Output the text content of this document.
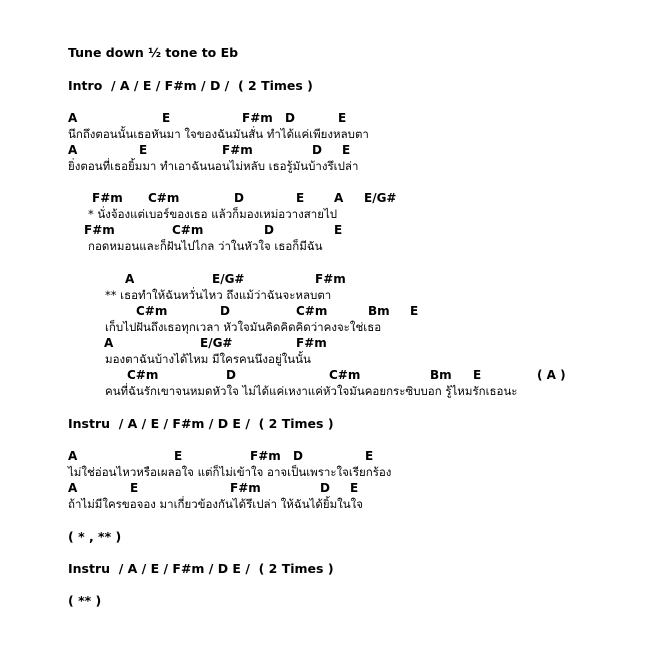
Tune down ½ tone to Eb
Intro  / A / E / F#m / D /  ( 2 Times )

A

	E

	F#m

D

	E

นึกถึงตอนนั้นเธอหันมา ใจของฉันมันสั่น ทำได้แค่เพียงหลบตา

A

	E

	F#m

	D

E

ยิ่งตอนที่เธอยิ้มมา ทำเอาฉันนอนไม่หลับ เธอรู้มันบ้างรึเปล่า

F#m

C#m

	D

	E

A

E/G#

* นั่งจ้องแต่เบอร์ของเธอ แล้วก็มองเหม่อวางสายไป

F#m

	C#m

	D

	E

กอดหมอนและก็ฝันไปไกล ว่าในหัวใจ เธอก็มีฉัน

A

	E/G#

	F#m

** เธอทำให้ฉันหวั่นไหว ถึงแม้ว่าฉันจะหลบตา

C#m

	D

	C#m

	Bm

E

เก็บไปฝันถึงเธอทุกเวลา หัวใจมันคิดคิดคิดว่าคงจะใช่เธอ

A

	E/G#

	F#m

มองตาฉันบ้างได้ไหม มีใครคนนึงอยู่ในนั้น

C#m

	D

	C#m

	Bm

E

	( A )

คนที่ฉันรักเขาจนหมดหัวใจ ไม่ได้แค่เหงาแค่หัวใจมันคอยกระซิบบอก รู้ไหมรักเธอนะ
Instru  / A / E / F#m / D E /  ( 2 Times )

A

	E

	F#m

D

	E

ไม่ใช่อ่อนไหวหรือเผลอใจ แต่ก็ไม่เข้าใจ อาจเป็นเพราะใจเรียกร้อง

A

	E

	F#m

	D

E

ถ้าไม่มีใครขอจอง มาเกี่ยวข้องกันได้รึเปล่า ให้ฉันได้ยิ้มในใจ
( * , ** )
Instru  / A / E / F#m / D E /  ( 2 Times )
( ** )
